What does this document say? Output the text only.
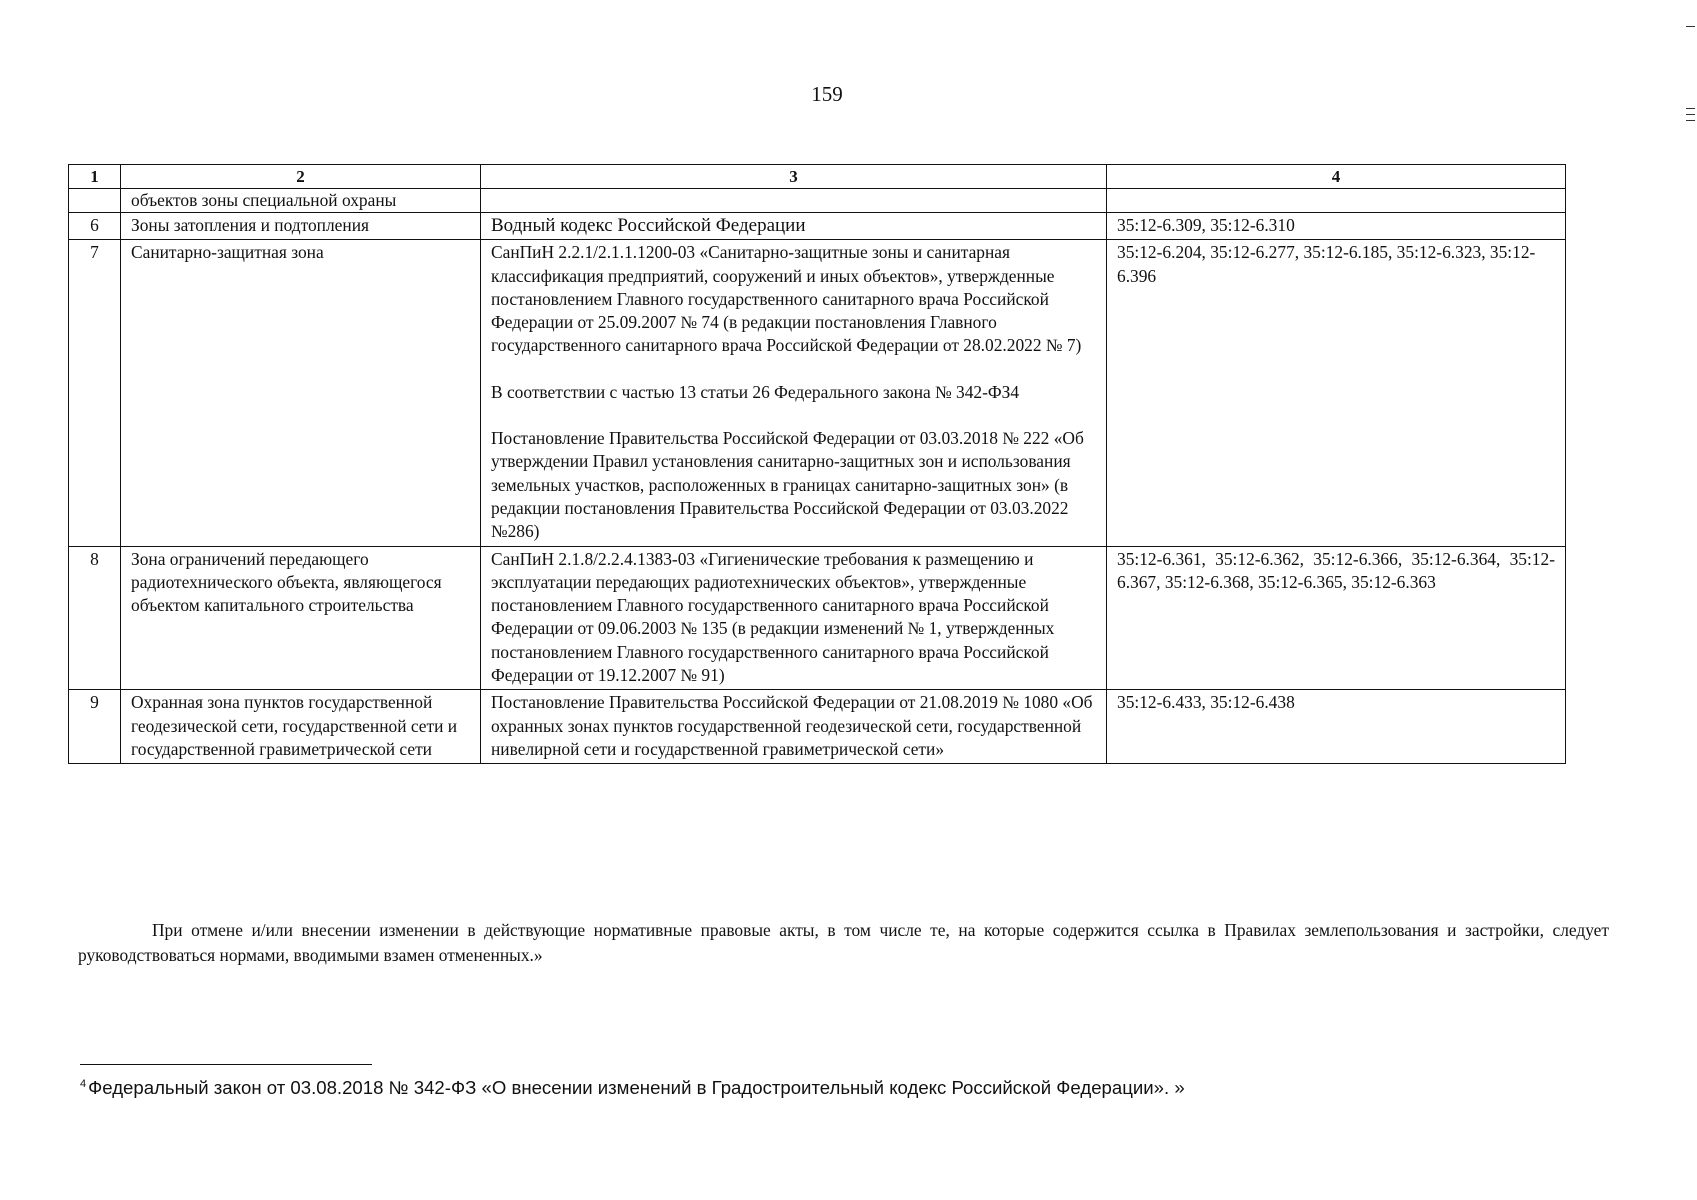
159
1	2	3	4
	объектов зоны специальной охраны		
6	Зоны затопления и подтопления	Водный кодекс Российской Федерации	35:12-6.309, 35:12-6.310
7	Санитарно-защитная зона	СанПиН 2.2.1/2.1.1.1200-03 «Санитарно-защитные зоны и санитарная классификация предприятий, сооружений и иных объектов», утвержденные постановлением Главного государственного санитарного врача Российской Федерации от 25.09.2007 № 74 (в редакции постановления Главного государственного санитарного врача Российской Федерации от 28.02.2022 № 7)

В соответствии с частью 13 статьи 26 Федерального закона № 342-ФЗ4

Постановление Правительства Российской Федерации от 03.03.2018 № 222 «Об утверждении Правил установления санитарно-защитных зон и использования земельных участков, расположенных в границах санитарно-защитных зон» (в редакции постановления Правительства Российской Федерации от 03.03.2022 №286)	35:12-6.204, 35:12-6.277, 35:12-6.185, 35:12-6.323, 35:12-6.396
8	Зона ограничений передающего радиотехнического объекта, являющегося объектом капитального строительства	СанПиН 2.1.8/2.2.4.1383-03 «Гигиенические требования к размещению и эксплуатации передающих радиотехнических объектов», утвержденные постановлением Главного государственного санитарного врача Российской Федерации от 09.06.2003 № 135 (в редакции изменений № 1, утвержденных постановлением Главного государственного санитарного врача Российской Федерации от 19.12.2007 № 91)	35:12-6.361, 35:12-6.362, 35:12-6.366, 35:12-6.364, 35:12-6.367, 35:12-6.368, 35:12-6.365, 35:12-6.363
9	Охранная зона пунктов государственной геодезической сети, государственной сети и государственной гравиметрической сети	Постановление Правительства Российской Федерации от 21.08.2019 № 1080 «Об охранных зонах пунктов государственной геодезической сети, государственной нивелирной сети и государственной гравиметрической сети»	35:12-6.433, 35:12-6.438

При отмене и/или внесении изменении в действующие нормативные правовые акты, в том числе те, на которые содержится ссылка в Правилах землепользования и застройки, следует руководствоваться нормами, вводимыми взамен отмененных.»

$^4$ Федеральный закон от 03.08.2018 № 342-ФЗ «О внесении изменений в Градостроительный кодекс Российской Федерации». »
